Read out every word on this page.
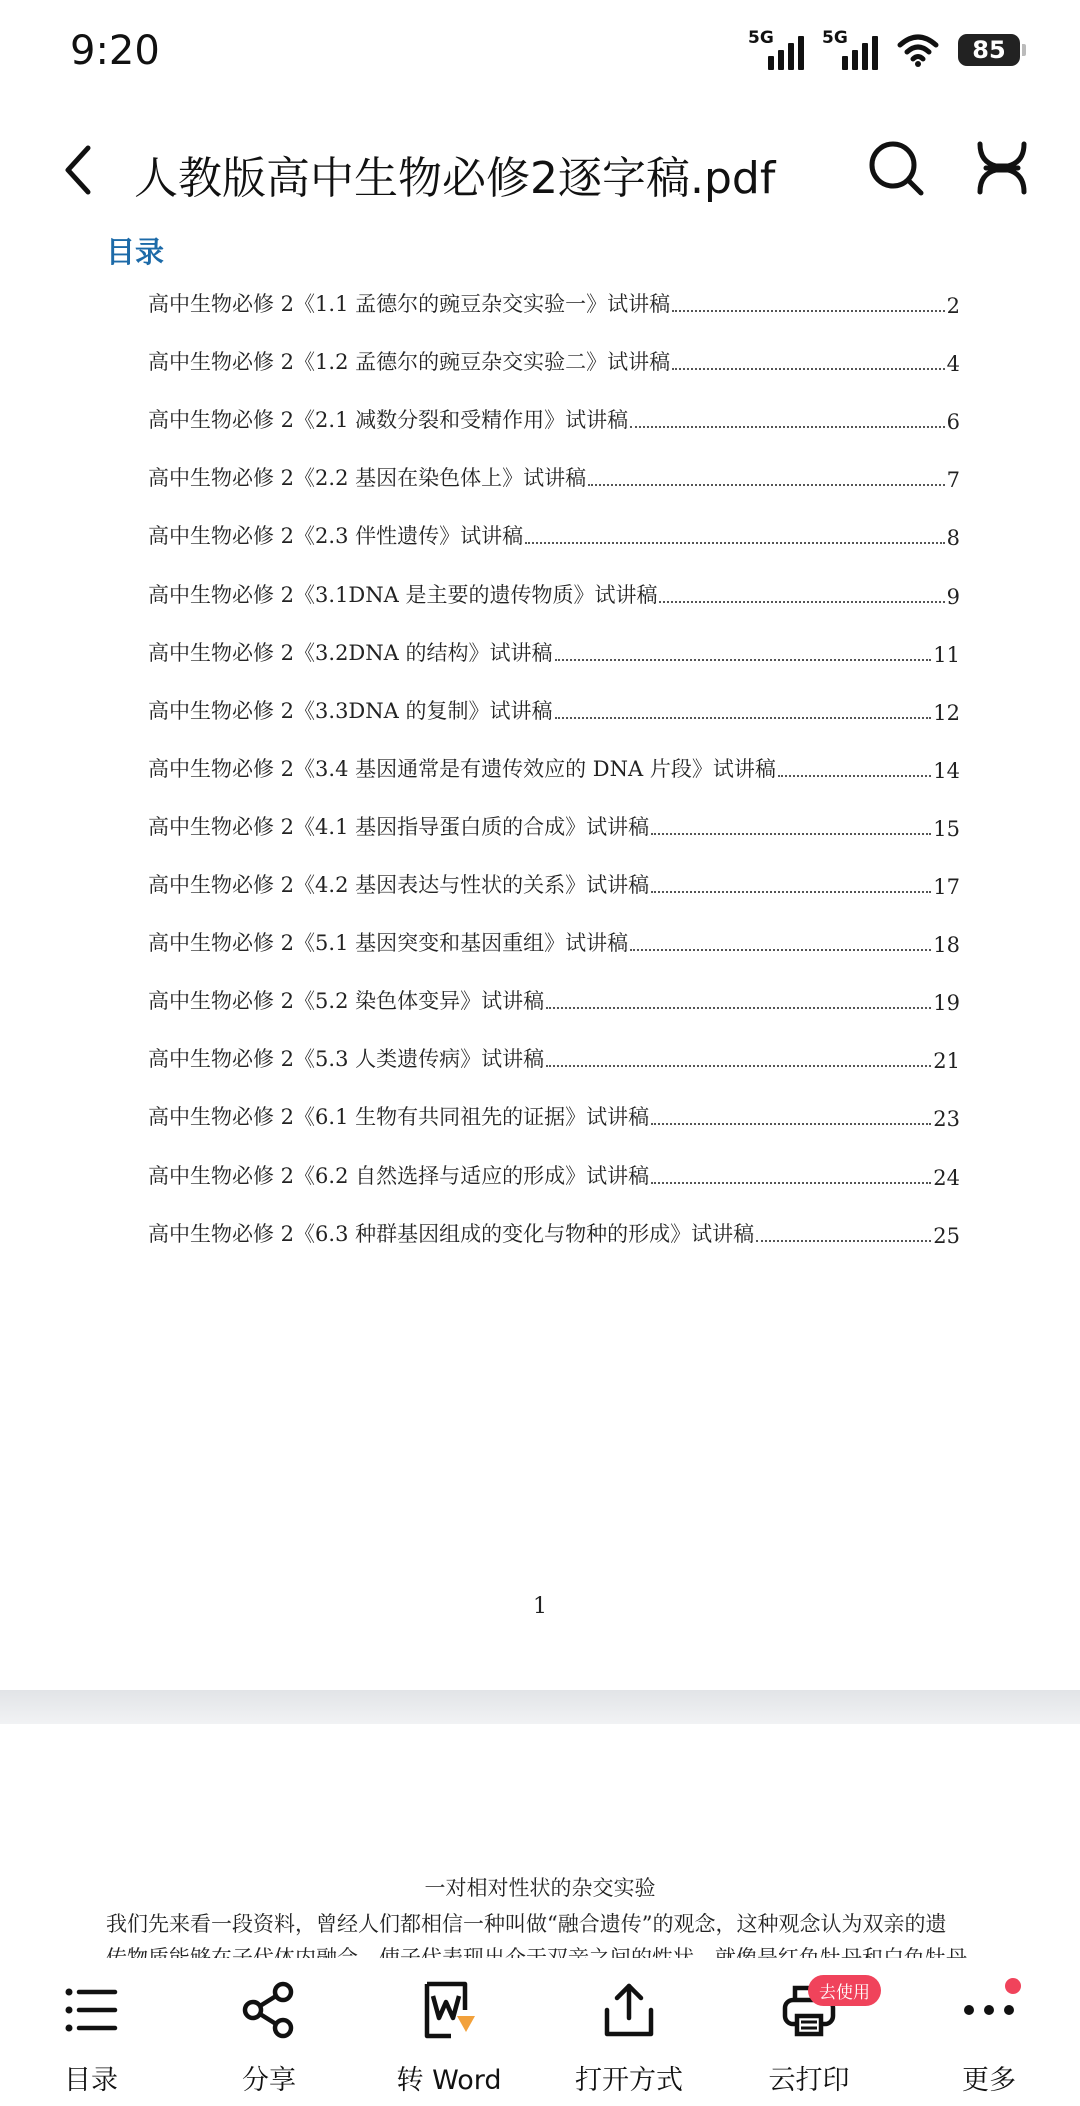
9:20	5G	5G	85
人教版高中生物必修2逐字稿.pdf
目录
高中生物必修 2《1.1 孟德尔的豌豆杂交实验一》试讲稿	2
高中生物必修 2《1.2 孟德尔的豌豆杂交实验二》试讲稿	4
高中生物必修 2《2.1 减数分裂和受精作用》试讲稿	6
高中生物必修 2《2.2 基因在染色体上》试讲稿	7
高中生物必修 2《2.3 伴性遗传》试讲稿	8
高中生物必修 2《3.1DNA 是主要的遗传物质》试讲稿	9
高中生物必修 2《3.2DNA 的结构》试讲稿	11
高中生物必修 2《3.3DNA 的复制》试讲稿	12
高中生物必修 2《3.4 基因通常是有遗传效应的 DNA 片段》试讲稿	14
高中生物必修 2《4.1 基因指导蛋白质的合成》试讲稿	15
高中生物必修 2《4.2 基因表达与性状的关系》试讲稿	17
高中生物必修 2《5.1 基因突变和基因重组》试讲稿	18
高中生物必修 2《5.2 染色体变异》试讲稿	19
高中生物必修 2《5.3 人类遗传病》试讲稿	21
高中生物必修 2《6.1 生物有共同祖先的证据》试讲稿	23
高中生物必修 2《6.2 自然选择与适应的形成》试讲稿	24
高中生物必修 2《6.3 种群基因组成的变化与物种的形成》试讲稿	25
1
一对相对性状的杂交实验
我们先来看一段资料，曾经人们都相信一种叫做“融合遗传”的观念，这种观念认为双亲的遗
目录	分享	转 Word	打开方式	云打印
去使用
更多
